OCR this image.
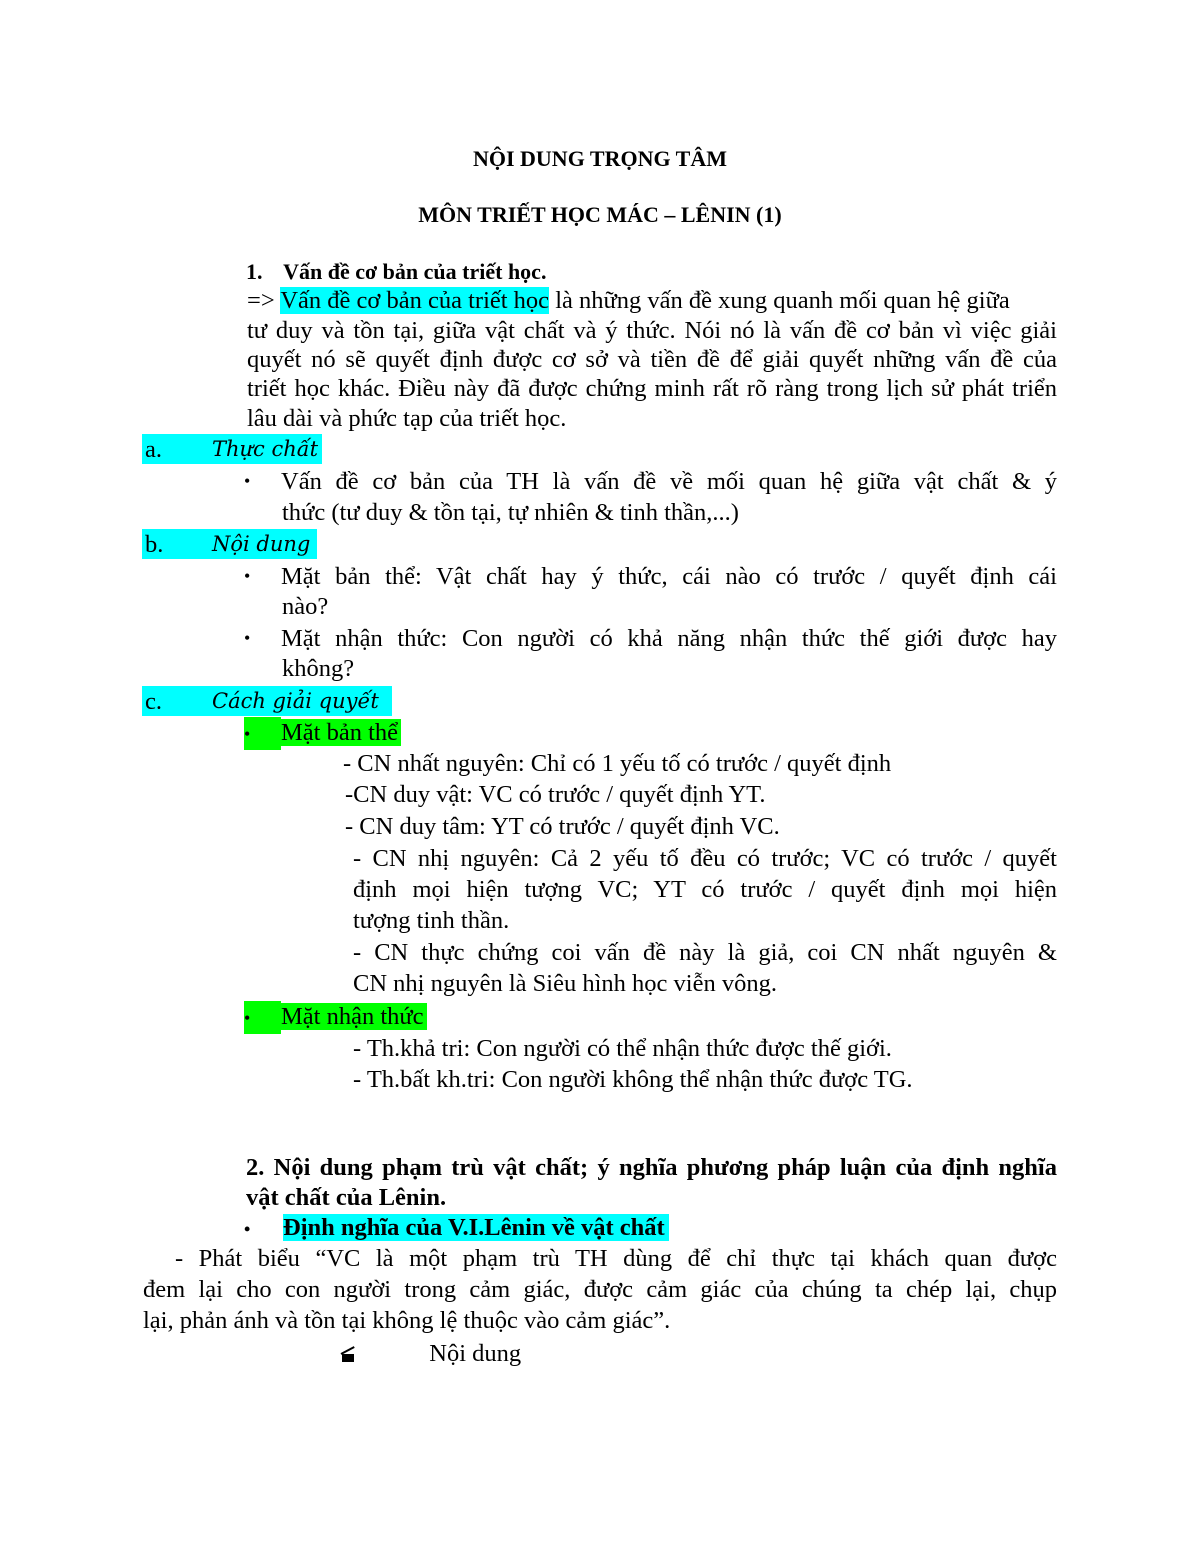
NỘI DUNG TRỌNG TÂM
MÔN TRIẾT HỌC MÁC – LÊNIN (1)
1. Vấn đề cơ bản của triết học.
=> Vấn đề cơ bản của triết học là những vấn đề xung quanh mối quan hệ giữa
tư duy và tồn tại, giữa vật chất và ý thức. Nói nó là vấn đề cơ bản vì việc giải
quyết nó sẽ quyết định được cơ sở và tiền đề để giải quyết những vấn đề của
triết học khác. Điều này đã được chứng minh rất rõ ràng trong lịch sử phát triển
lâu dài và phức tạp của triết học.
a. Thực chất
• Vấn đề cơ bản của TH là vấn đề về mối quan hệ giữa vật chất & ý
thức (tư duy & tồn tại, tự nhiên & tinh thần,...)
b. Nội dung
• Mặt bản thể: Vật chất hay ý thức, cái nào có trước / quyết định cái
nào?
• Mặt nhận thức: Con người có khả năng nhận thức thế giới được hay
không?
c. Cách giải quyết
• Mặt bản thể
- CN nhất nguyên: Chỉ có 1 yếu tố có trước / quyết định
-CN duy vật: VC có trước / quyết định YT.
- CN duy tâm: YT có trước / quyết định VC.
- CN nhị nguyên: Cả 2 yếu tố đều có trước; VC có trước / quyết
định mọi hiện tượng VC; YT có trước / quyết định mọi hiện
tượng tinh thần.
- CN thực chứng coi vấn đề này là giả, coi CN nhất nguyên &
CN nhị nguyên là Siêu hình học viễn vông.
• Mặt nhận thức
- Th.khả tri: Con người có thể nhận thức được thế giới.
- Th.bất kh.tri: Con người không thể nhận thức được TG.
2. Nội dung phạm trù vật chất; ý nghĩa phương pháp luận của định nghĩa
vật chất của Lênin.
• Định nghĩa của V.I.Lênin về vật chất
- Phát biểu “VC là một phạm trù TH dùng để chỉ thực tại khách quan được
đem lại cho con người trong cảm giác, được cảm giác của chúng ta chép lại, chụp
lại, phản ánh và tồn tại không lệ thuộc vào cảm giác”.
Nội dung
